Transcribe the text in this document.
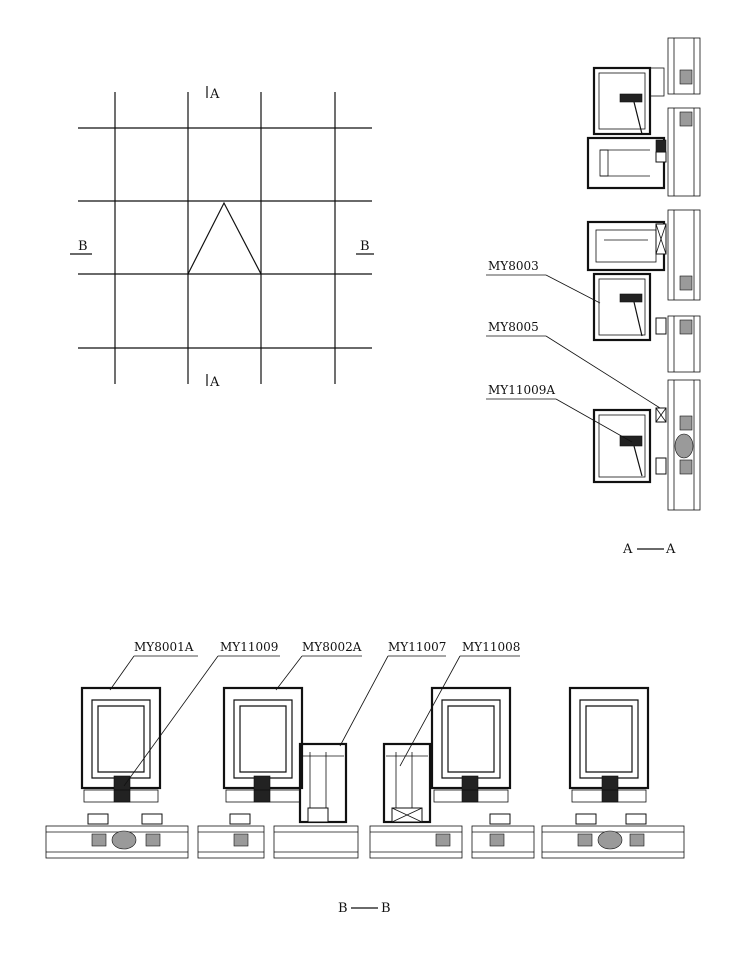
A
A
B	B
MY8003
MY8005
MY11009A
A	A
MY8001A MY11009 MY8002A MY11007 MY11008
B	B
